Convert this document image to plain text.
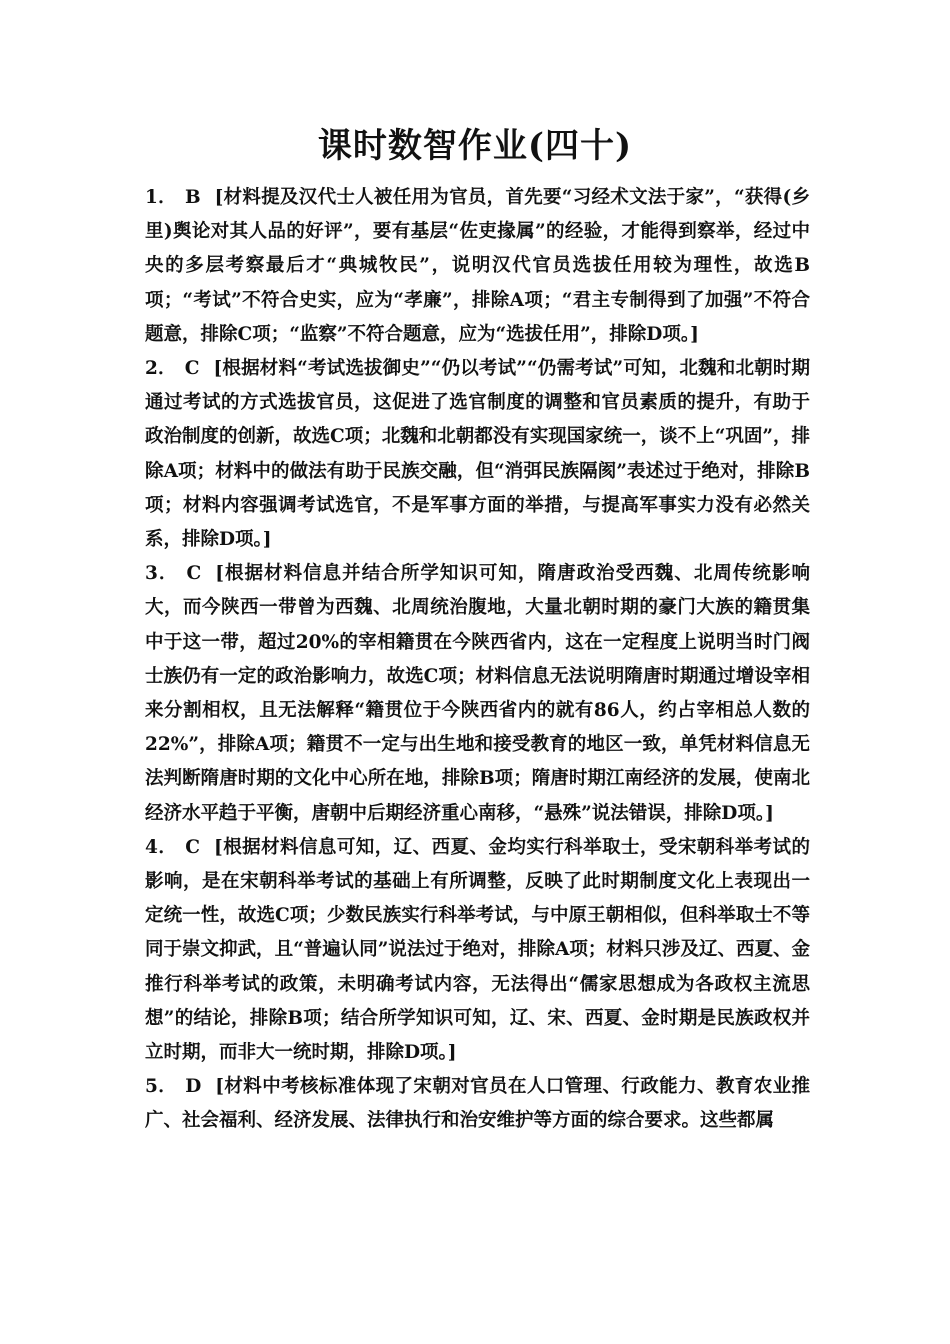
课时数智作业(四十)

1． B [材料提及汉代士人被任用为官员，首先要“习经术文法于家”，“获得(乡里)舆论对其人品的好评”，要有基层“佐吏掾属”的经验，才能得到察举，经过中央的多层考察最后才“典城牧民”，说明汉代官员选拔任用较为理性，故选B项；“考试”不符合史实，应为“孝廉”，排除A项；“君主专制得到了加强”不符合题意，排除C项；“监察”不符合题意，应为“选拔任用”，排除D项。]

2． C [根据材料“考试选拔御史”“仍以考试”“仍需考试”可知，北魏和北朝时期通过考试的方式选拔官员，这促进了选官制度的调整和官员素质的提升，有助于政治制度的创新，故选C项；北魏和北朝都没有实现国家统一，谈不上“巩固”，排除A项；材料中的做法有助于民族交融，但“消弭民族隔阂”表述过于绝对，排除B项；材料内容强调考试选官，不是军事方面的举措，与提高军事实力没有必然关系，排除D项。]

3． C [根据材料信息并结合所学知识可知，隋唐政治受西魏、北周传统影响大，而今陕西一带曾为西魏、北周统治腹地，大量北朝时期的豪门大族的籍贯集中于这一带，超过20%的宰相籍贯在今陕西省内，这在一定程度上说明当时门阀士族仍有一定的政治影响力，故选C项；材料信息无法说明隋唐时期通过增设宰相来分割相权，且无法解释“籍贯位于今陕西省内的就有86人，约占宰相总人数的22%”，排除A项；籍贯不一定与出生地和接受教育的地区一致，单凭材料信息无法判断隋唐时期的文化中心所在地，排除B项；隋唐时期江南经济的发展，使南北经济水平趋于平衡，唐朝中后期经济重心南移，“悬殊”说法错误，排除D项。]

4． C [根据材料信息可知，辽、西夏、金均实行科举取士，受宋朝科举考试的影响，是在宋朝科举考试的基础上有所调整，反映了此时期制度文化上表现出一定统一性，故选C项；少数民族实行科举考试，与中原王朝相似，但科举取士不等同于崇文抑武，且“普遍认同”说法过于绝对，排除A项；材料只涉及辽、西夏、金推行科举考试的政策，未明确考试内容，无法得出“儒家思想成为各政权主流思想”的结论，排除B项；结合所学知识可知，辽、宋、西夏、金时期是民族政权并立时期，而非大一统时期，排除D项。]

5． D [材料中考核标准体现了宋朝对官员在人口管理、行政能力、教育农业推广、社会福利、经济发展、法律执行和治安维护等方面的综合要求。这些都属
